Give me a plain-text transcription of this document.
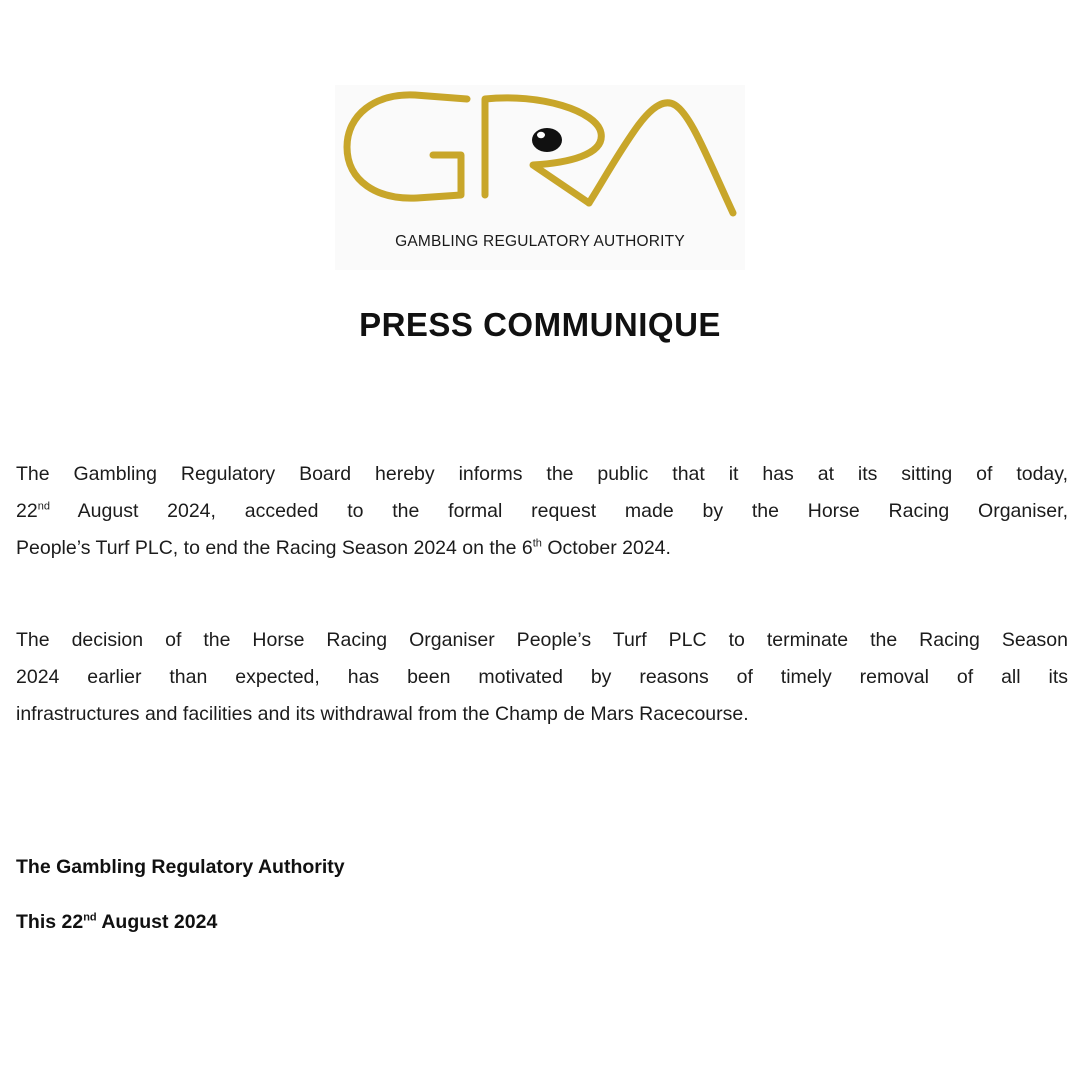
GAMBLING REGULATORY AUTHORITY
PRESS COMMUNIQUE
The Gambling Regulatory Board hereby informs the public that it has at its sitting of today,
22nd August 2024, acceded to the formal request made by the Horse Racing Organiser,
People’s Turf PLC, to end the Racing Season 2024 on the 6th October 2024.
The decision of the Horse Racing Organiser People’s Turf PLC to terminate the Racing Season
2024 earlier than expected, has been motivated by reasons of timely removal of all its
infrastructures and facilities and its withdrawal from the Champ de Mars Racecourse.
The Gambling Regulatory Authority
This 22nd August 2024
